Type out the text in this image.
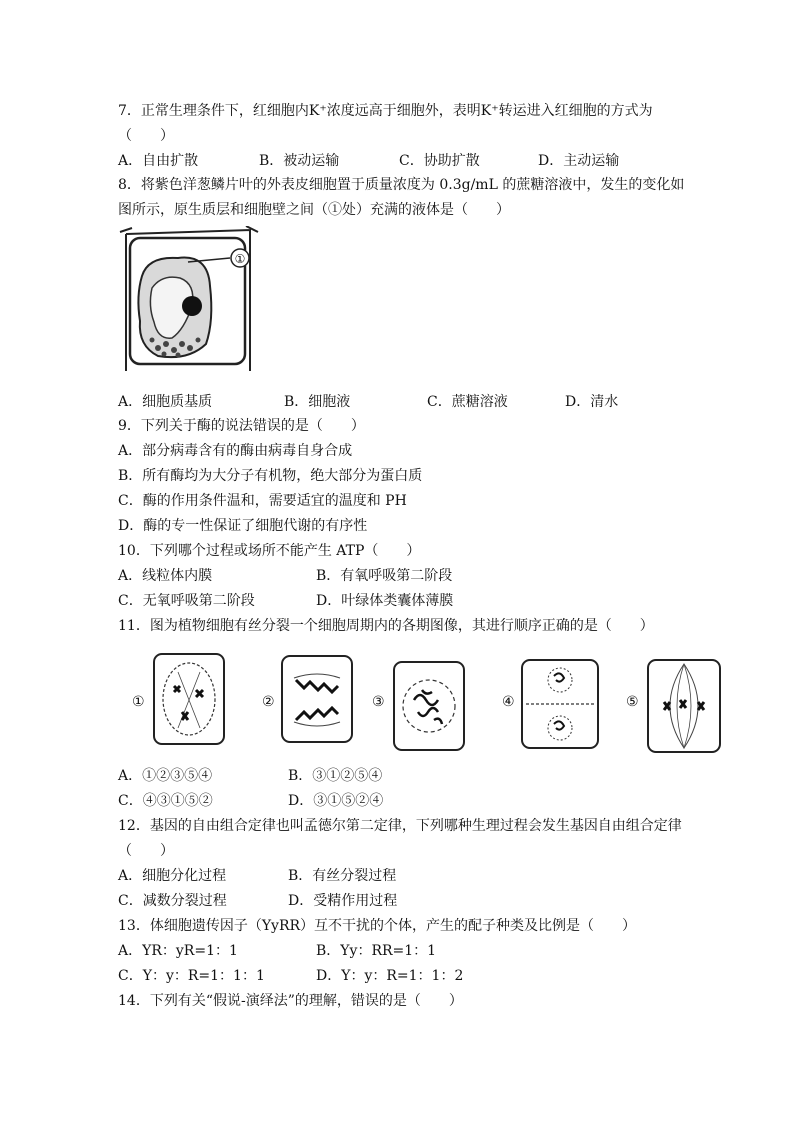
7．正常生理条件下，红细胞内K⁺浓度远高于细胞外，表明K⁺转运进入红细胞的方式为
（　　）
A．自由扩散	B．被动运输	C．协助扩散	D．主动运输
8．将紫色洋葱鳞片叶的外表皮细胞置于质量浓度为 0.3g/mL 的蔗糖溶液中，发生的变化如
图所示，原生质层和细胞壁之间（①处）充满的液体是（　　）
①
A．细胞质基质	B．细胞液	C．蔗糖溶液	D．清水
9．下列关于酶的说法错误的是（　　）
A．部分病毒含有的酶由病毒自身合成
B．所有酶均为大分子有机物，绝大部分为蛋白质
C．酶的作用条件温和，需要适宜的温度和 PH
D．酶的专一性保证了细胞代谢的有序性
10．下列哪个过程或场所不能产生 ATP（　　）
A．线粒体内膜	B．有氧呼吸第二阶段
C．无氧呼吸第二阶段	D．叶绿体类囊体薄膜
11．图为植物细胞有丝分裂一个细胞周期内的各期图像，其进行顺序正确的是（　　）
①	②	③	④	⑤
A．①②③⑤④	B．③①②⑤④
C．④③①⑤②	D．③①⑤②④
12．基因的自由组合定律也叫孟德尔第二定律，下列哪种生理过程会发生基因自由组合定律
（　　）
A．细胞分化过程	B．有丝分裂过程
C．减数分裂过程	D．受精作用过程
13．体细胞遗传因子（YyRR）互不干扰的个体，产生的配子种类及比例是（　　）
A．YR：yR=1：1	B．Yy：RR=1：1
C．Y：y：R=1：1：1	D．Y：y：R=1：1：2
14．下列有关“假说-演绎法”的理解，错误的是（　　）
